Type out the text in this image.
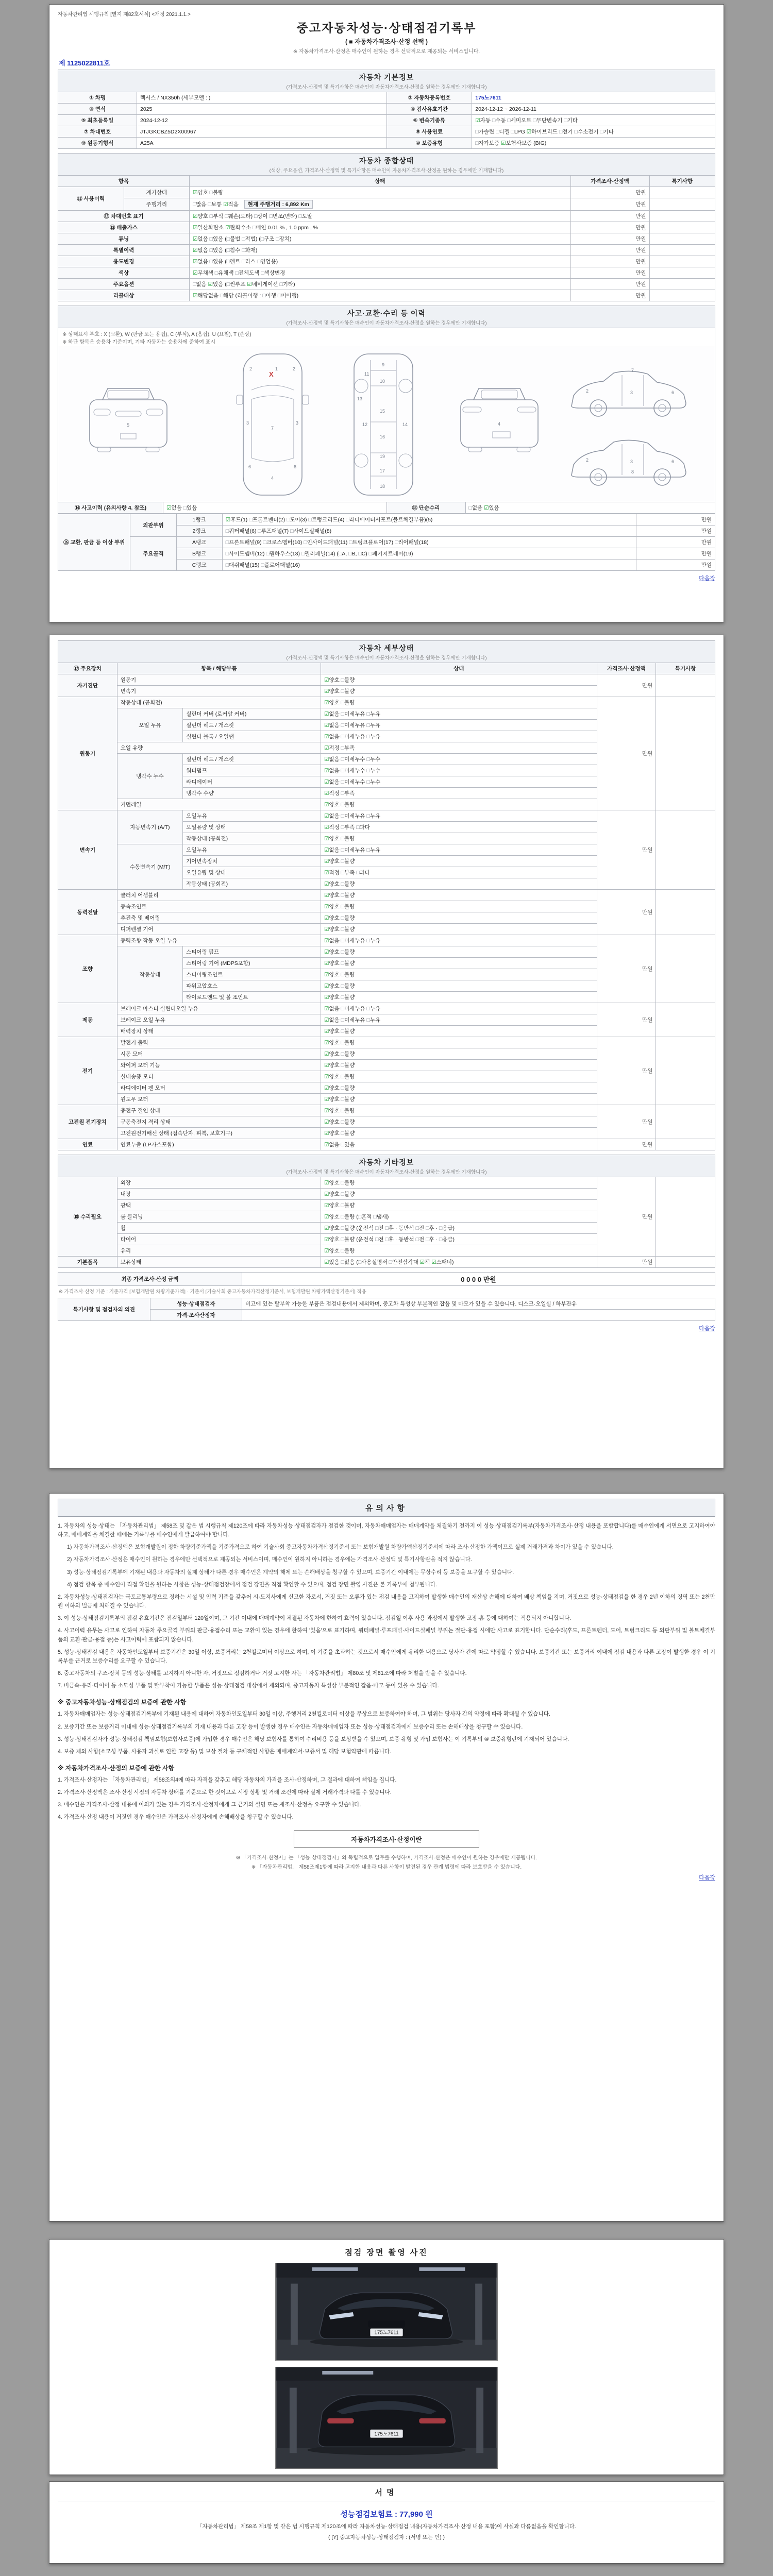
자동차관리법 시행규칙 [별지 제82호서식] <개정 2021.1.1.>
중고자동차성능·상태점검기록부
( ■ 자동차가격조사·산정 선택 )
※ 자동차가격조사·산정은 매수인이 원하는 경우 선택적으로 제공되는 서비스입니다.
제 1125022811호
자동차 기본정보
(가격조사·산정액 및 특기사항은 매수인이 자동차가격조사·산정을 원하는 경우에만 기재합니다)
① 차명	렉서스 / NX350h (세부모델 : )	② 자동차등록번호	175노7611
③ 연식	2025	④ 검사유효기간	2024-12-12 ~ 2026-12-11
⑤ 최초등록일	2024-12-12	⑥ 변속기종류	☑자동 □수동 □세미오토 □무단변속기 □기타
⑦ 차대번호	JTJGKCBZ5D2X00967	⑧ 사용연료	□가솔린 □디젤 □LPG ☑하이브리드 □전기 □수소전기 □기타
⑨ 원동기형식	A25A	⑩ 보증유형	□자가보증 ☑보험사보증 (BIG)
자동차 종합상태
(색상, 주요옵션, 가격조사·산정액 및 특기사항은 매수인이 자동차가격조사·산정을 원하는 경우에만 기재합니다)
항목		상태	가격조사·산정액	특기사항
⑪ 사용이력	계기상태	☑양호 □불량	만원	
	주행거리	□많음 □보통 ☑적음 현재 주행거리 : 6,892 Km	만원	
⑫ 차대번호 표기		☑양호 □부식 □훼손(오타) □상이 □변조(변타) □도말	만원	
⑬ 배출가스		☑일산화탄소 ☑탄화수소 □매연 0.01 % , 1.0 ppm , %	만원	
튜닝		☑없음 □있음 (□불법 □적법) (□구조 □장치)	만원	
특별이력		☑없음 □있음 (□침수 □화재)	만원	
용도변경		☑없음 □있음 (□렌트 □리스 □영업용)	만원	
색상		☑무채색 □유채색 □전체도색 □색상변경	만원	
주요옵션		□없음 ☑있음 (□썬루프 ☑네비게이션 □기타)	만원	
리콜대상		☑해당없음 □해당 (리콜이행 : □이행 □미이행)	만원	
사고·교환·수리 등 이력
(가격조사·산정액 및 특기사항은 매수인이 자동차가격조사·산정을 원하는 경우에만 기재합니다)
※ 상태표시 부호 : X (교환), W (판금 또는 용접), C (부식), A (흠집), U (요철), T (손상)
※ 하단 항목은 승용차 기준이며, 기타 자동차는 승용차에 준하여 표시
5
X
1
2	2
3	3
4
6	6
7
9
10
11
12
13
14
15
16
17
18
19
4
2	3	6
7
2	3	6
8
⑭ 사고이력 (유의사항 4. 참조)	☑없음 □있음	⑮ 단순수리	□없음 ☑있음
⑯ 교환, 판금 등 이상 부위	외판부위	1랭크	☑후드(1) □프론트펜더(2) □도어(3) □트렁크리드(4) □라디에이터서포트(볼트체결부품)(5)	만원
		2랭크	□쿼터패널(6) □루프패널(7) □사이드실패널(8)	만원
	주요골격	A랭크	□프론트패널(9) □크로스멤버(10) □인사이드패널(11) □트렁크플로어(17) □리어패널(18)	만원
		B랭크	□사이드멤버(12) □휠하우스(13) □필러패널(14) (□A, □B, □C) □패키지트레이(19)	만원
		C랭크	□대쉬패널(15) □플로어패널(16)	만원
다음장
자동차 세부상태
(가격조사·산정액 및 특기사항은 매수인이 자동차가격조사·산정을 원하는 경우에만 기재합니다)
⑰ 주요장치	항목 / 해당부품		상태	가격조사·산정액	특기사항
자기진단	원동기		☑양호 □불량	만원	
	변속기		☑양호 □불량		
원동기	작동상태 (공회전)		☑양호 □불량	만원	
	오일 누유	실린더 커버 (로커암 커버)	☑없음 □미세누유 □누유		
		실린더 헤드 / 개스킷	☑없음 □미세누유 □누유		
		실린더 블록 / 오일팬	☑없음 □미세누유 □누유		
	오일 유량		☑적정 □부족		
	냉각수 누수	실린더 헤드 / 개스킷	☑없음 □미세누수 □누수		
		워터펌프	☑없음 □미세누수 □누수		
		라디에이터	☑없음 □미세누수 □누수		
		냉각수 수량	☑적정 □부족		
	커먼레일		☑양호 □불량		
변속기	자동변속기 (A/T)	오일누유	☑없음 □미세누유 □누유	만원	
		오일유량 및 상태	☑적정 □부족 □과다		
		작동상태 (공회전)	☑양호 □불량		
	수동변속기 (M/T)	오일누유	☑없음 □미세누유 □누유		
		기어변속장치	☑양호 □불량		
		오일유량 및 상태	☑적정 □부족 □과다		
		작동상태 (공회전)	☑양호 □불량		
동력전달	클러치 어셈블리		☑양호 □불량	만원	
	등속조인트		☑양호 □불량		
	추진축 및 베어링		☑양호 □불량		
	디퍼렌셜 기어		☑양호 □불량		
조향	동력조향 작동 오일 누유		☑없음 □미세누유 □누유	만원	
	작동상태	스티어링 펌프	☑양호 □불량		
		스티어링 기어 (MDPS포함)	☑양호 □불량		
		스티어링조인트	☑양호 □불량		
		파워고압호스	☑양호 □불량		
		타이로드엔드 및 볼 조인트	☑양호 □불량		
제동	브레이크 마스터 실린더오일 누유		☑없음 □미세누유 □누유	만원	
	브레이크 오일 누유		☑없음 □미세누유 □누유		
	배력장치 상태		☑양호 □불량		
전기	발전기 출력		☑양호 □불량	만원	
	시동 모터		☑양호 □불량		
	와이퍼 모터 기능		☑양호 □불량		
	실내송풍 모터		☑양호 □불량		
	라디에이터 팬 모터		☑양호 □불량		
	윈도우 모터		☑양호 □불량		
고전원 전기장치	충전구 절연 상태		☑양호 □불량	만원	
	구동축전지 격리 상태		☑양호 □불량		
	고전원전기배선 상태 (접속단자, 피복, 보호기구)		☑양호 □불량		
연료	연료누출 (LP가스포함)		☑없음 □있음	만원	
자동차 기타정보
(가격조사·산정액 및 특기사항은 매수인이 자동차가격조사·산정을 원하는 경우에만 기재합니다)
⑱ 수리필요	외장	☑양호 □불량	만원	
	내장	☑양호 □불량		
	광택	☑양호 □불량		
	룸 클리닝	☑양호 □불량 (□흔적 □냄새)		
	휠	☑양호 □불량 (운전석 □전 □후 · 동반석 □전 □후 · □응급)		
	타이어	☑양호 □불량 (운전석 □전 □후 · 동반석 □전 □후 · □응급)		
	유리	☑양호 □불량		
기본품목	보유상태	☑있음 □없음 (□사용설명서 □안전삼각대 ☑잭 ☑스패너)	만원	
최종 가격조사·산정 금액	0 0 0 0 만원
※ 가격조사·산정 기준 : 기준가격 [보험개발원 차량기준가액] · 기준서 [기술사회 중고자동차가격산정기준서, 보험개발원 차량가액산정기준서] 적용
특기사항 및 점검자의 의견	성능·상태점검자	비고에 있는 탈부착 가능한 부품은 점검내용에서 제외하며, 중고차 특성상 부분적인 잡음 및 마모가 있을 수 있습니다. 디스크·오일실 / 하부잔유
	가격·조사산정자	
다음장
유의사항
1. 자동차의 성능·상태는 「자동차관리법」 제58조 및 같은 법 시행규칙 제120조에 따라 자동차성능·상태점검자가 점검한 것이며, 자동차매매업자는 매매계약을 체결하기 전까지 이 성능·상태점검기록부(자동차가격조사·산정 내용을 포함합니다)를 매수인에게 서면으로 고지하여야 하고, 매매계약을 체결한 때에는 기록부를 매수인에게 발급하여야 합니다.
1) 자동차가격조사·산정액은 보험개발원이 정한 차량기준가액을 기준가격으로 하여 기술사회 중고자동차가격산정기준서 또는 보험개발원 차량가액산정기준서에 따라 조사·산정한 가액이므로 실제 거래가격과 차이가 있을 수 있습니다.
2) 자동차가격조사·산정은 매수인이 원하는 경우에만 선택적으로 제공되는 서비스이며, 매수인이 원하지 아니하는 경우에는 가격조사·산정액 및 특기사항란을 적지 않습니다.
3) 성능·상태점검기록부에 기재된 내용과 자동차의 실제 상태가 다른 경우 매수인은 계약의 해제 또는 손해배상을 청구할 수 있으며, 보증기간 이내에는 무상수리 등 보증을 요구할 수 있습니다.
4) 점검 항목 중 매수인이 직접 확인을 원하는 사항은 성능·상태점검장에서 점검 장면을 직접 확인할 수 있으며, 점검 장면 촬영 사진은 본 기록부에 첨부됩니다.
2. 자동차성능·상태점검자는 국토교통부령으로 정하는 시설 및 인력 기준을 갖추어 시·도지사에게 신고한 자로서, 거짓 또는 오류가 있는 점검 내용을 고지하여 발생한 매수인의 재산상 손해에 대하여 배상 책임을 지며, 거짓으로 성능·상태점검을 한 경우 2년 이하의 징역 또는 2천만원 이하의 벌금에 처해질 수 있습니다.
3. 이 성능·상태점검기록부의 점검 유효기간은 점검일부터 120일이며, 그 기간 이내에 매매계약이 체결된 자동차에 한하여 효력이 있습니다. 점검일 이후 사용 과정에서 발생한 고장·흠 등에 대하여는 적용되지 아니합니다.
4. 사고이력 유무는 사고로 인하여 자동차 주요골격 부위의 판금·용접수리 또는 교환이 있는 경우에 한하여 '있음'으로 표기하며, 쿼터패널·루프패널·사이드실패널 부위는 절단·용접 시에만 사고로 표기합니다. 단순수리(후드, 프론트펜더, 도어, 트렁크리드 등 외판부위 및 볼트체결부품의 교환·판금·용접 등)는 사고이력에 포함되지 않습니다.
5. 성능·상태점검 내용은 자동차인도일부터 보증기간은 30일 이상, 보증거리는 2천킬로미터 이상으로 하며, 이 기준을 초과하는 것으로서 매수인에게 유리한 내용으로 당사자 간에 따로 약정할 수 있습니다. 보증기간 또는 보증거리 이내에 점검 내용과 다른 고장이 발생한 경우 이 기록부를 근거로 보증수리를 요구할 수 있습니다.
6. 중고자동차의 구조·장치 등의 성능·상태를 고지하지 아니한 자, 거짓으로 점검하거나 거짓 고지한 자는 「자동차관리법」 제80조 및 제81조에 따라 처벌을 받을 수 있습니다.
7. 비금속·유리·타이어 등 소모성 부품 및 탈부착이 가능한 부품은 성능·상태점검 대상에서 제외되며, 중고자동차 특성상 부분적인 잡음·마모 등이 있을 수 있습니다.
※ 중고자동차성능·상태점검의 보증에 관한 사항
1. 자동차매매업자는 성능·상태점검기록부에 기재된 내용에 대하여 자동차인도일부터 30일 이상, 주행거리 2천킬로미터 이상을 무상으로 보증하여야 하며, 그 범위는 당사자 간의 약정에 따라 확대될 수 있습니다.
2. 보증기간 또는 보증거리 이내에 성능·상태점검기록부의 기재 내용과 다른 고장 등이 발생한 경우 매수인은 자동차매매업자 또는 성능·상태점검자에게 보증수리 또는 손해배상을 청구할 수 있습니다.
3. 성능·상태점검자가 성능·상태점검 책임보험(보험사보증)에 가입한 경우 매수인은 해당 보험사를 통하여 수리비용 등을 보상받을 수 있으며, 보증 유형 및 가입 보험사는 이 기록부의 ⑩ 보증유형란에 기재되어 있습니다.
4. 보증 제외 사항(소모성 부품, 사용자 과실로 인한 고장 등) 및 보상 절차 등 구체적인 사항은 매매계약서·보증서 및 해당 보험약관에 따릅니다.
※ 자동차가격조사·산정의 보증에 관한 사항
1. 가격조사·산정자는 「자동차관리법」 제58조의4에 따라 자격을 갖추고 해당 자동차의 가격을 조사·산정하며, 그 결과에 대하여 책임을 집니다.
2. 가격조사·산정액은 조사·산정 시점의 자동차 상태를 기준으로 한 것이므로 시장 상황 및 거래 조건에 따라 실제 거래가격과 다를 수 있습니다.
3. 매수인은 가격조사·산정 내용에 이의가 있는 경우 가격조사·산정자에게 그 근거의 설명 또는 재조사·산정을 요구할 수 있습니다.
4. 가격조사·산정 내용이 거짓인 경우 매수인은 가격조사·산정자에게 손해배상을 청구할 수 있습니다.
자동차가격조사·산정이란
※ 「가격조사·산정자」는 「성능·상태점검자」와 독립적으로 업무를 수행하며, 가격조사·산정은 매수인이 원하는 경우에만 제공됩니다.
※ 「자동차관리법」 제58조제1항에 따라 고지한 내용과 다른 사항이 발견된 경우 관계 법령에 따라 보호받을 수 있습니다.
다음장
점검 장면 촬영 사진
175노7611
175노7611
서명
성능점검보험료 : 77,990 원
「자동차관리법」 제58조 제1항 및 같은 법 시행규칙 제120조에 따라 자동차성능·상태점검 내용(자동차가격조사·산정 내용 포함)이 사실과 다름없음을 확인합니다.
( [Y] 중고자동차성능·상태점검자 : (서명 또는 인) )
